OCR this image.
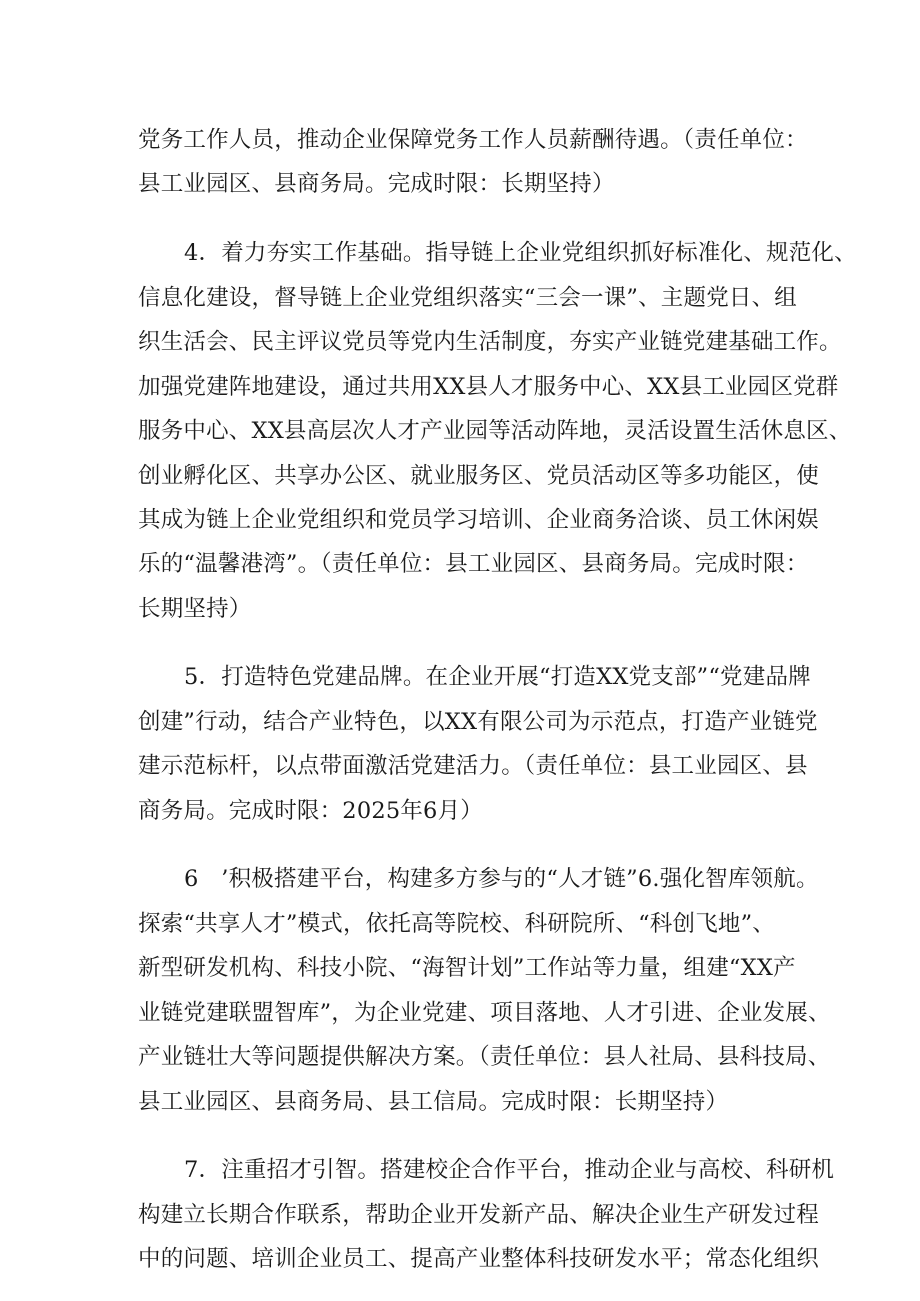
党务工作人员，推动企业保障党务工作人员薪酬待遇。（责任单位：
县工业园区、县商务局。完成时限：长期坚持）
4．着力夯实工作基础。指导链上企业党组织抓好标准化、规范化、
信息化建设，督导链上企业党组织落实“三会一课”、主题党日、组
织生活会、民主评议党员等党内生活制度，夯实产业链党建基础工作。
加强党建阵地建设，通过共用XX县人才服务中心、XX县工业园区党群
服务中心、XX县高层次人才产业园等活动阵地，灵活设置生活休息区、
创业孵化区、共享办公区、就业服务区、党员活动区等多功能区，使
其成为链上企业党组织和党员学习培训、企业商务洽谈、员工休闲娱
乐的“温馨港湾”。（责任单位：县工业园区、县商务局。完成时限：
长期坚持）
5．打造特色党建品牌。在企业开展“打造XX党支部”“党建品牌
创建”行动，结合产业特色，以XX有限公司为示范点，打造产业链党
建示范标杆，以点带面激活党建活力。（责任单位：县工业园区、县
商务局。完成时限：2025年6月）
6　’积极搭建平台，构建多方参与的“人才链”6.强化智库领航。
探索“共享人才”模式，依托高等院校、科研院所、“科创飞地”、
新型研发机构、科技小院、“海智计划”工作站等力量，组建“XX产
业链党建联盟智库”，为企业党建、项目落地、人才引进、企业发展、
产业链壮大等问题提供解决方案。（责任单位：县人社局、县科技局、
县工业园区、县商务局、县工信局。完成时限：长期坚持）
7．注重招才引智。搭建校企合作平台，推动企业与高校、科研机
构建立长期合作联系，帮助企业开发新产品、解决企业生产研发过程
中的问题、培训企业员工、提高产业整体科技研发水平；常态化组织
